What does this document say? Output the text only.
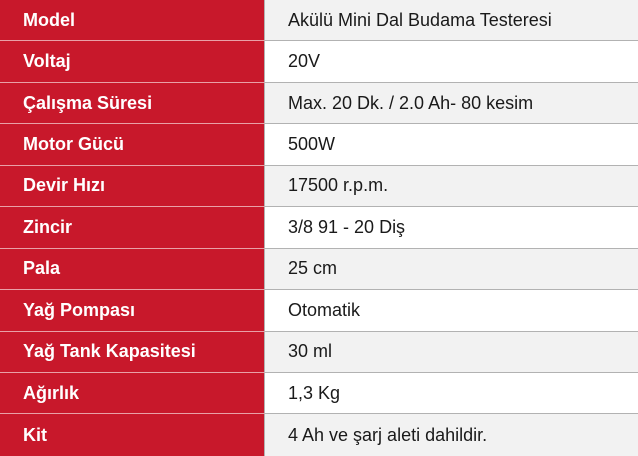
Model	Akülü Mini Dal Budama Testeresi
Voltaj	20V
Çalışma Süresi	Max. 20 Dk. / 2.0 Ah- 80 kesim
Motor Gücü	500W
Devir Hızı	17500 r.p.m.
Zincir	3/8 91 - 20 Diş
Pala	25 cm
Yağ Pompası	Otomatik
Yağ Tank Kapasitesi	30 ml
Ağırlık	1,3 Kg
Kit	4 Ah ve şarj aleti dahildir.
